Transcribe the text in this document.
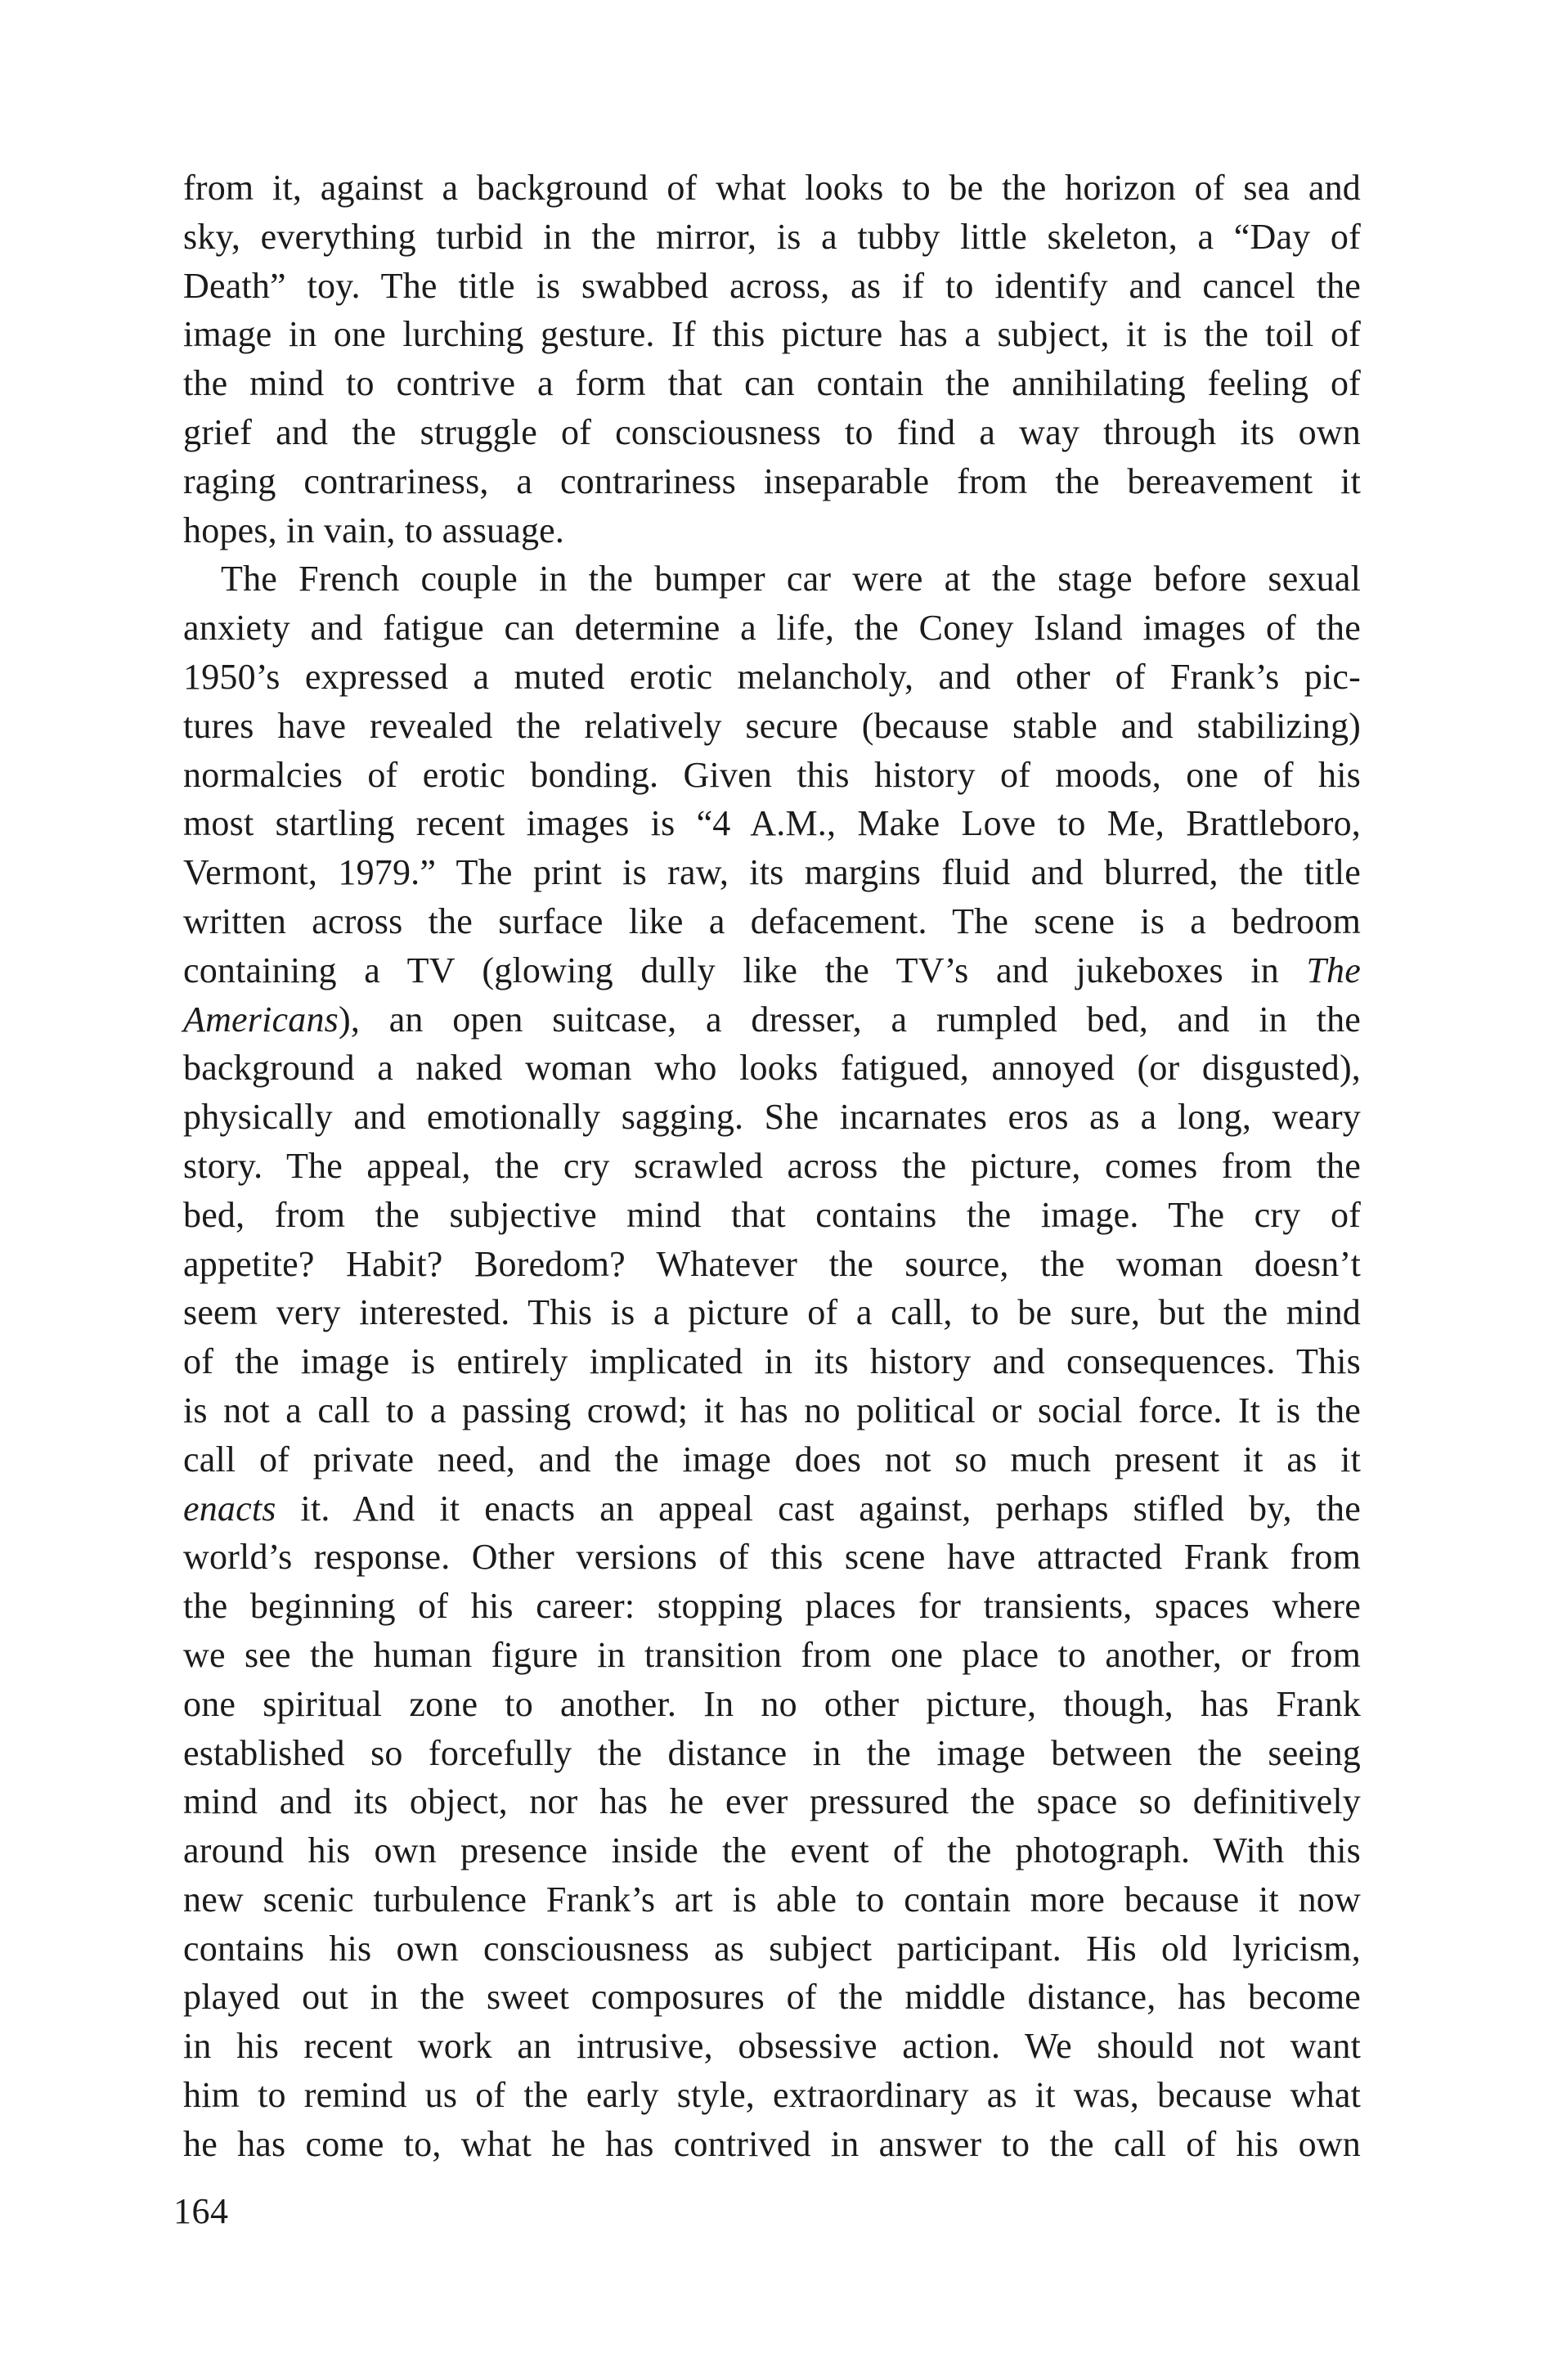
from it, against a background of what looks to be the horizon of sea and
sky, everything turbid in the mirror, is a tubby little skeleton, a “Day of
Death” toy. The title is swabbed across, as if to identify and cancel the
image in one lurching gesture. If this picture has a subject, it is the toil of
the mind to contrive a form that can contain the annihilating feeling of
grief and the struggle of consciousness to find a way through its own
raging contrariness, a contrariness inseparable from the bereavement it
hopes, in vain, to assuage.
The French couple in the bumper car were at the stage before sexual
anxiety and fatigue can determine a life, the Coney Island images of the
1950’s expressed a muted erotic melancholy, and other of Frank’s pic-
tures have revealed the relatively secure (because stable and stabilizing)
normalcies of erotic bonding. Given this history of moods, one of his
most startling recent images is “4 A.M., Make Love to Me, Brattleboro,
Vermont, 1979.” The print is raw, its margins fluid and blurred, the title
written across the surface like a defacement. The scene is a bedroom
containing a TV (glowing dully like the TV’s and jukeboxes in The
Americans), an open suitcase, a dresser, a rumpled bed, and in the
background a naked woman who looks fatigued, annoyed (or disgusted),
physically and emotionally sagging. She incarnates eros as a long, weary
story. The appeal, the cry scrawled across the picture, comes from the
bed, from the subjective mind that contains the image. The cry of
appetite? Habit? Boredom? Whatever the source, the woman doesn’t
seem very interested. This is a picture of a call, to be sure, but the mind
of the image is entirely implicated in its history and consequences. This
is not a call to a passing crowd; it has no political or social force. It is the
call of private need, and the image does not so much present it as it
enacts it. And it enacts an appeal cast against, perhaps stifled by, the
world’s response. Other versions of this scene have attracted Frank from
the beginning of his career: stopping places for transients, spaces where
we see the human figure in transition from one place to another, or from
one spiritual zone to another. In no other picture, though, has Frank
established so forcefully the distance in the image between the seeing
mind and its object, nor has he ever pressured the space so definitively
around his own presence inside the event of the photograph. With this
new scenic turbulence Frank’s art is able to contain more because it now
contains his own consciousness as subject participant. His old lyricism,
played out in the sweet composures of the middle distance, has become
in his recent work an intrusive, obsessive action. We should not want
him to remind us of the early style, extraordinary as it was, because what
he has come to, what he has contrived in answer to the call of his own
164
